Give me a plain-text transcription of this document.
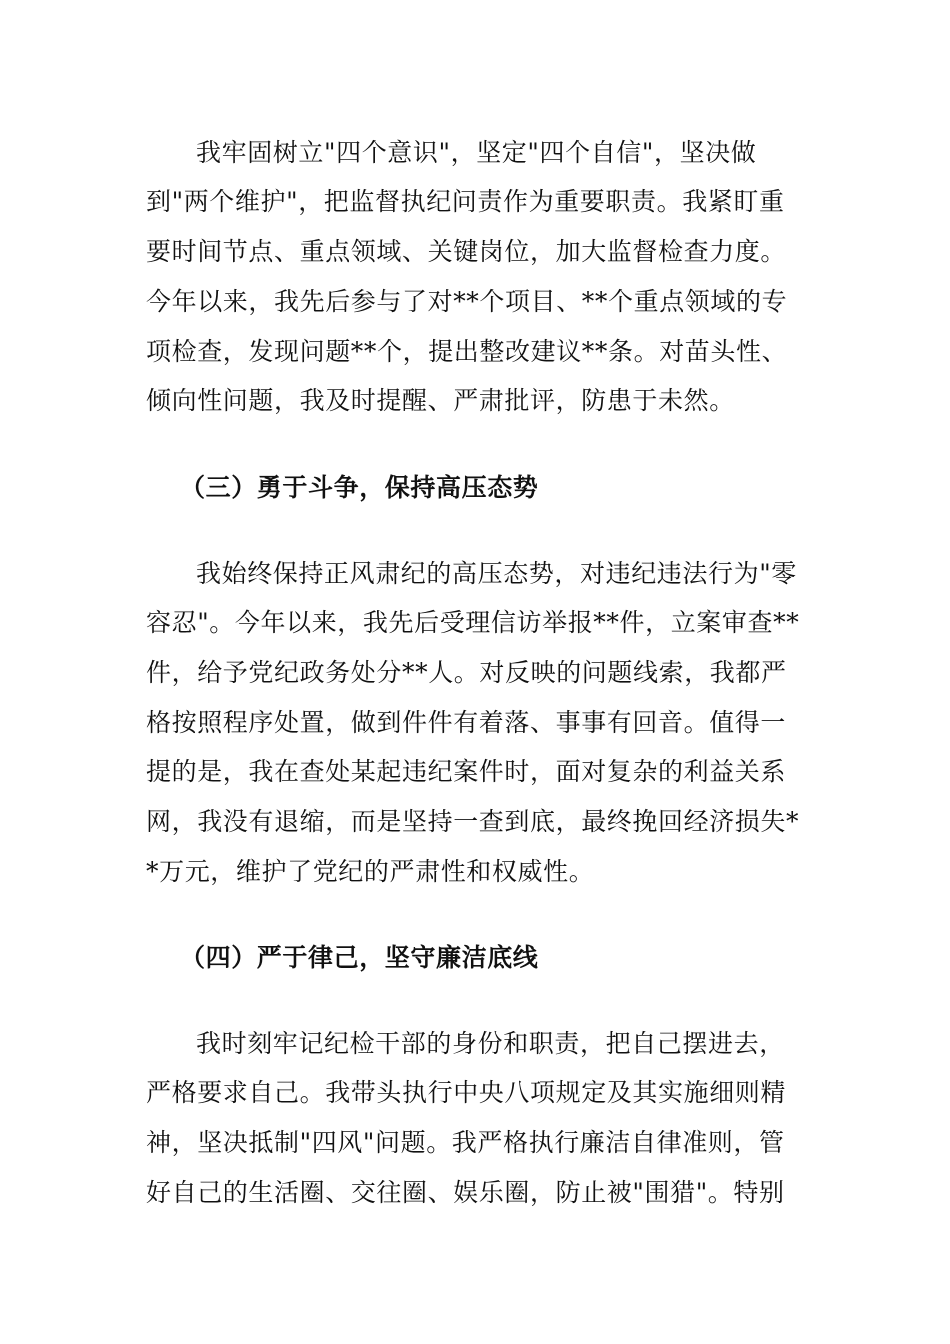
我牢固树立"四个意识"，坚定"四个自信"，坚决做
到"两个维护"，把监督执纪问责作为重要职责。我紧盯重
要时间节点、重点领域、关键岗位，加大监督检查力度。
今年以来，我先后参与了对**个项目、**个重点领域的专
项检查，发现问题**个，提出整改建议**条。对苗头性、
倾向性问题，我及时提醒、严肃批评，防患于未然。
（三）勇于斗争，保持高压态势
我始终保持正风肃纪的高压态势，对违纪违法行为"零
容忍"。今年以来，我先后受理信访举报**件，立案审查**
件，给予党纪政务处分**人。对反映的问题线索，我都严
格按照程序处置，做到件件有着落、事事有回音。值得一
提的是，我在查处某起违纪案件时，面对复杂的利益关系
网，我没有退缩，而是坚持一查到底，最终挽回经济损失*
*万元，维护了党纪的严肃性和权威性。
（四）严于律己，坚守廉洁底线
我时刻牢记纪检干部的身份和职责，把自己摆进去，
严格要求自己。我带头执行中央八项规定及其实施细则精
神，坚决抵制"四风"问题。我严格执行廉洁自律准则，管
好自己的生活圈、交往圈、娱乐圈，防止被"围猎"。特别
